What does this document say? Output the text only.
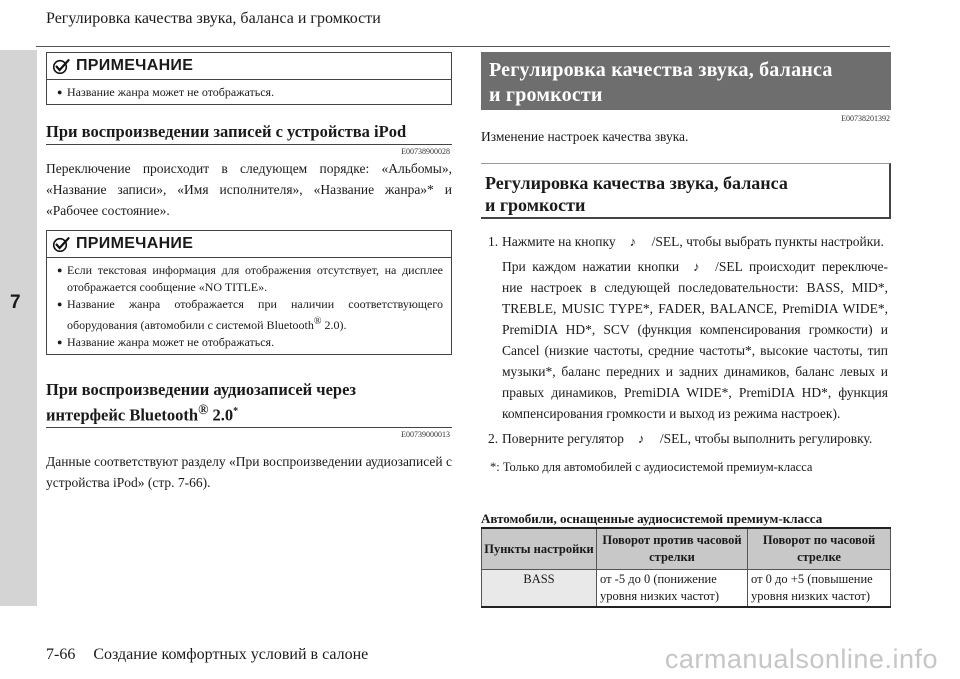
Регулировка качества звука, баланса и громкости
7
ПРИМЕЧАНИЕ
● Название жанра может не отображаться.
При воспроизведении записей с устройства iPod
E00738900028
Переключение происходит в следующем порядке: «Альбомы», «Название записи», «Имя исполнителя», «Название жанра»* и «Рабочее состояние».
ПРИМЕЧАНИЕ
● Если текстовая информация для отображения отсутствует, на дисплее отображается сообщение «NO TITLE».
● Название жанра отображается при наличии соответствующего оборудования (автомобили с системой Bluetooth® 2.0).
● Название жанра может не отображаться.
При воспроизведении аудиозаписей через
интерфейс Bluetooth® 2.0*
E00739000013
Данные соответствуют разделу «При воспроизведении аудиозаписей с устройства iPod» (стр. 7-66).
Регулировка качества звука, баланса
и громкости
E00738201392
Изменение настроек качества звука.
Регулировка качества звука, баланса
и громкости
1. Нажмите на кнопку ♪ /SEL, чтобы выбрать пункты настройки.
При каждом нажатии кнопки ♪ /SEL происходит переключе-ние настроек в следующей последовательности: BASS, MID*, TREBLE, MUSIC TYPE*, FADER, BALANCE, PremiDIA WIDE*, PremiDIA HD*, SCV (функция компенсирования громкости) и Cancel (низкие частоты, средние частоты*, высокие частоты, тип музыки*, баланс передних и задних динамиков, баланс левых и правых динамиков, PremiDIA WIDE*, PremiDIA HD*, функция компенсирования громкости и выход из режима настроек).
2. Поверните регулятор ♪ /SEL, чтобы выполнить регулировку.
*: Только для автомобилей с аудиосистемой премиум-класса
Автомобили, оснащенные аудиосистемой премиум-класса
Пункты настройки	Поворот против часовой стрелки	Поворот по часовой стрелке
BASS	от -5 до 0 (понижение уровня низких частот)	от 0 до +5 (повышение уровня низких частот)
7-66 Создание комфортных условий в салоне	carmanualsonline.info
